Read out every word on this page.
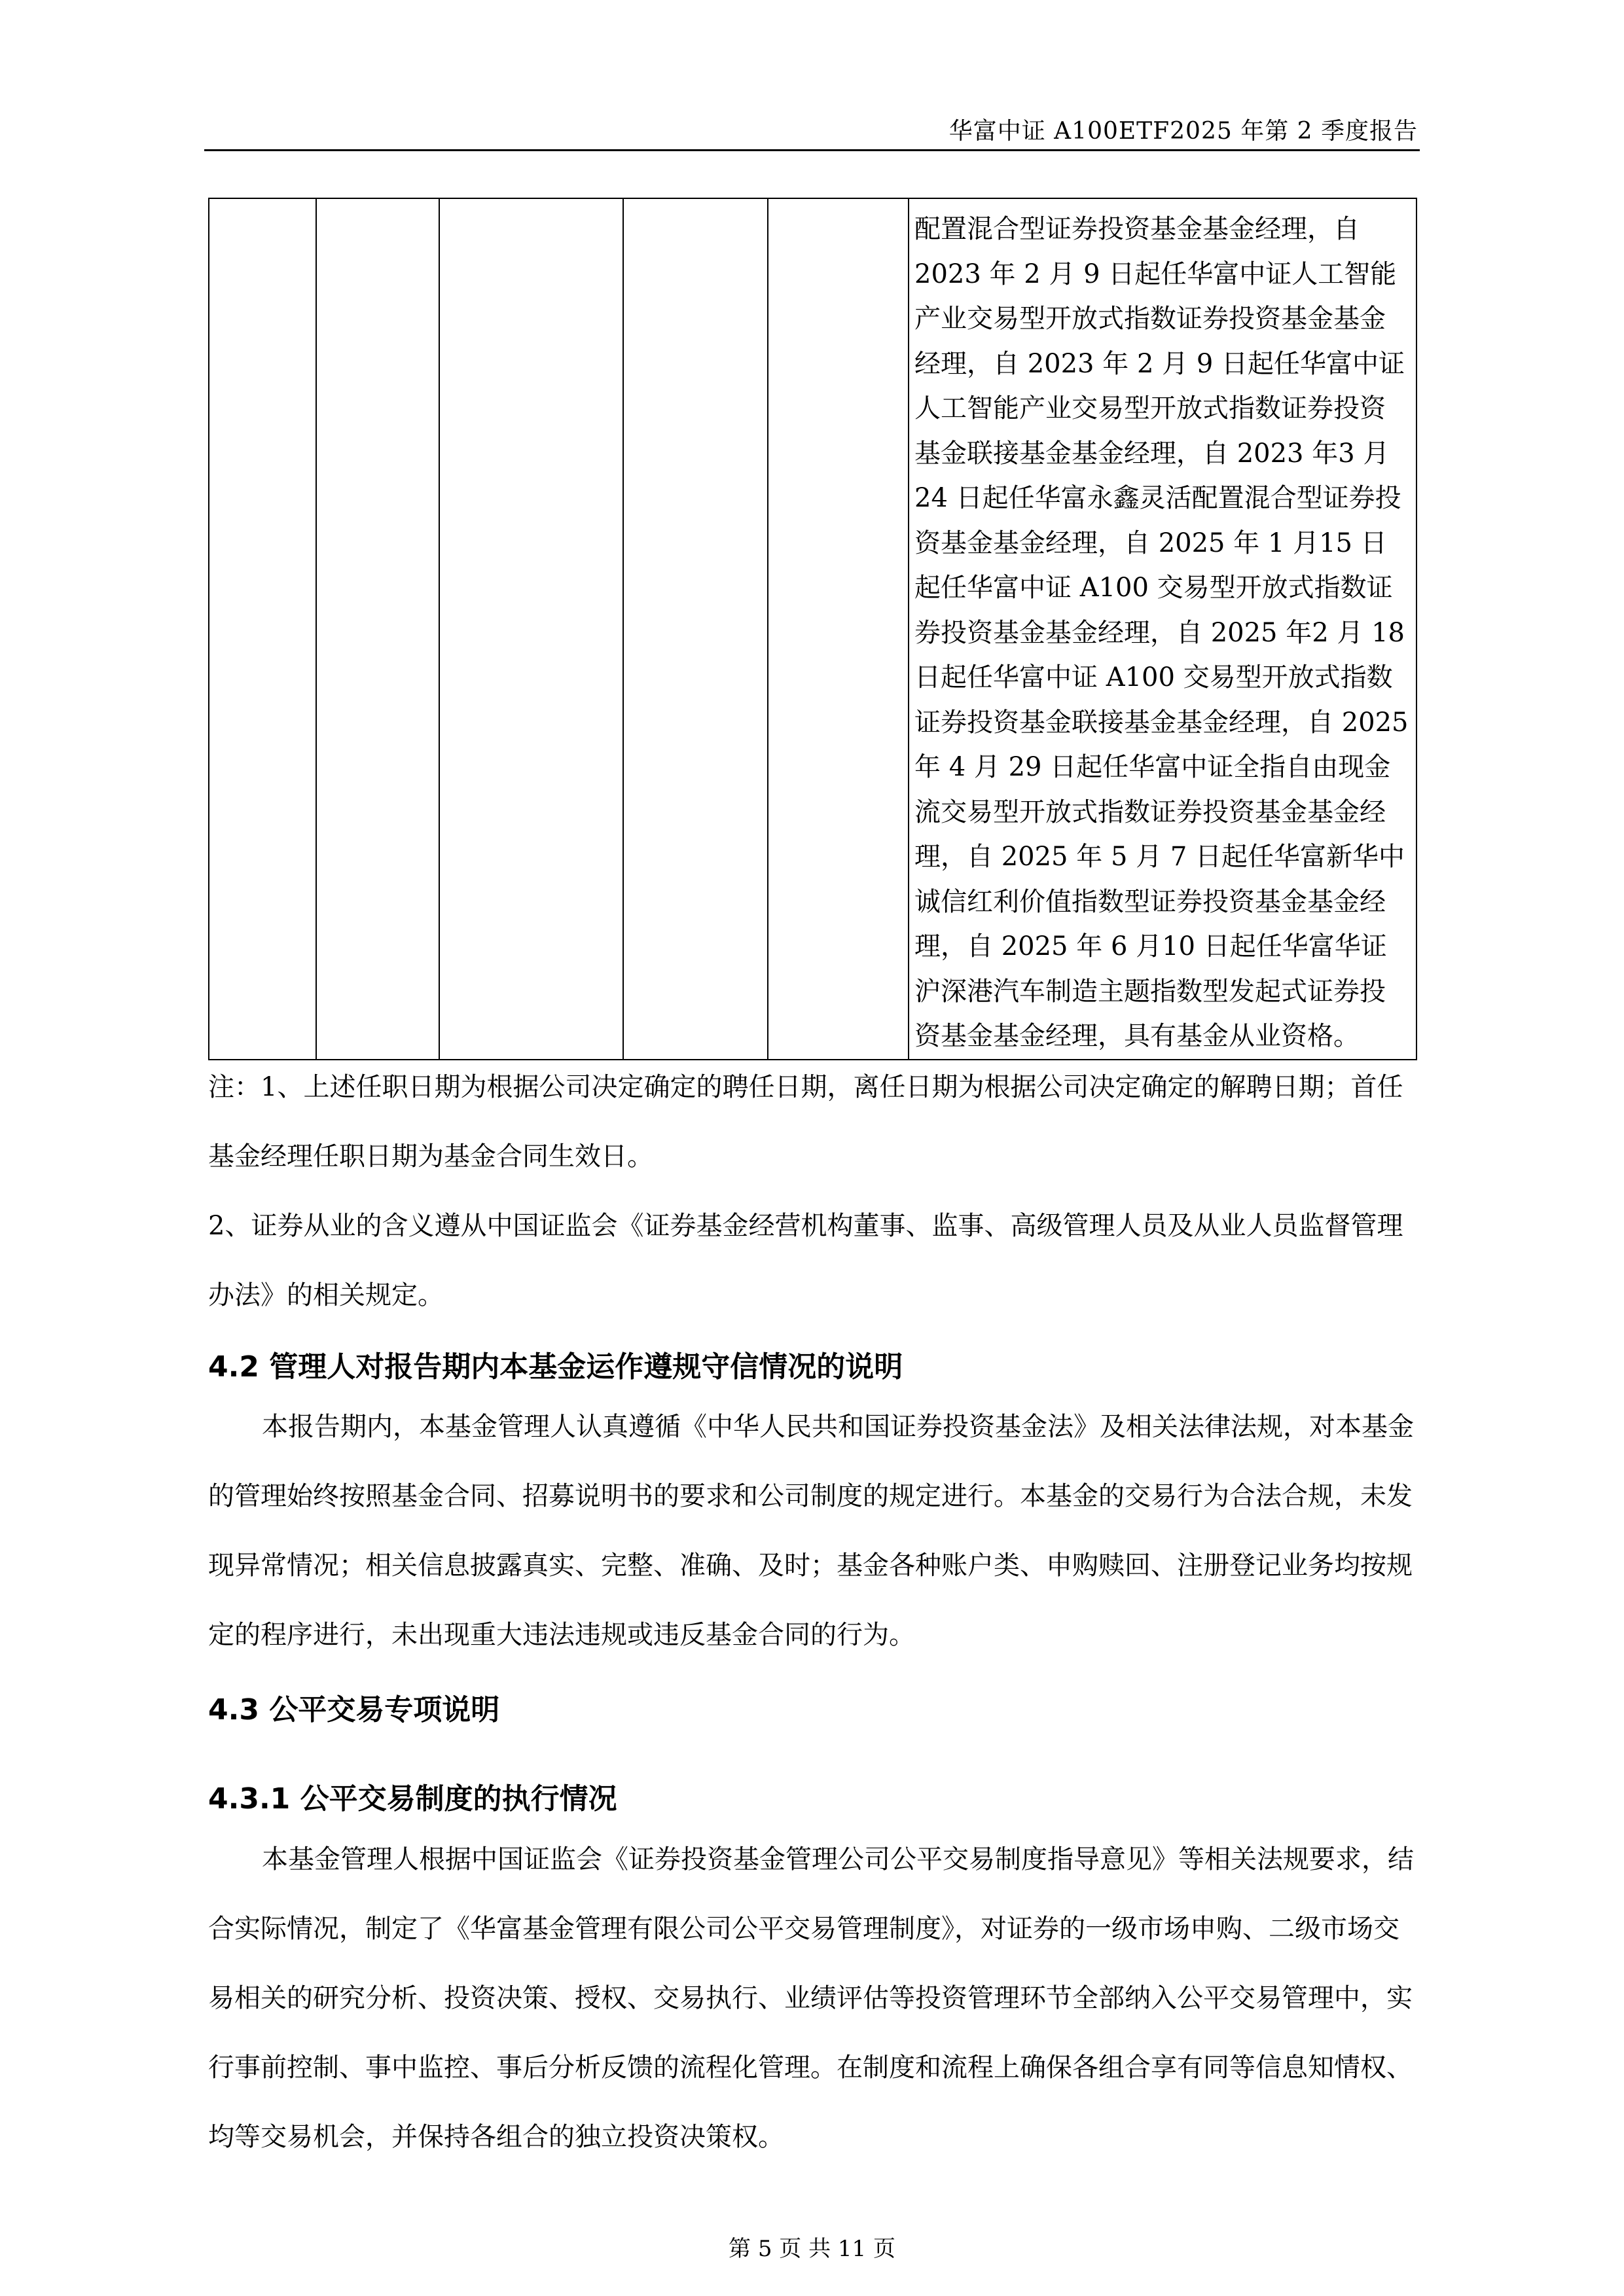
华富中证 A100ETF2025 年第 2 季度报告

配置混合型证券投资基金基金经理，自2023 年 2 月 9 日起任华富中证人工智能产业交易型开放式指数证券投资基金基金经理，自 2023 年 2 月 9 日起任华富中证人工智能产业交易型开放式指数证券投资基金联接基金基金经理，自 2023 年3 月 24 日起任华富永鑫灵活配置混合型证券投资基金基金经理，自 2025 年 1 月15 日起任华富中证 A100 交易型开放式指数证券投资基金基金经理，自 2025 年2 月 18 日起任华富中证 A100 交易型开放式指数证券投资基金联接基金基金经理，自 2025 年 4 月 29 日起任华富中证全指自由现金流交易型开放式指数证券投资基金基金经理，自 2025 年 5 月 7 日起任华富新华中诚信红利价值指数型证券投资基金基金经理，自 2025 年 6 月10 日起任华富华证沪深港汽车制造主题指数型发起式证券投资基金基金经理，具有基金从业资格。

注：1、上述任职日期为根据公司决定确定的聘任日期，离任日期为根据公司决定确定的解聘日期；首任基金经理任职日期为基金合同生效日。

2、证券从业的含义遵从中国证监会《证券基金经营机构董事、监事、高级管理人员及从业人员监督管理办法》的相关规定。

4.2 管理人对报告期内本基金运作遵规守信情况的说明

本报告期内，本基金管理人认真遵循《中华人民共和国证券投资基金法》及相关法律法规，对本基金的管理始终按照基金合同、招募说明书的要求和公司制度的规定进行。本基金的交易行为合法合规，未发现异常情况；相关信息披露真实、完整、准确、及时；基金各种账户类、申购赎回、注册登记业务均按规定的程序进行，未出现重大违法违规或违反基金合同的行为。

4.3 公平交易专项说明
4.3.1 公平交易制度的执行情况

本基金管理人根据中国证监会《证券投资基金管理公司公平交易制度指导意见》等相关法规要求，结合实际情况，制定了《华富基金管理有限公司公平交易管理制度》，对证券的一级市场申购、二级市场交易相关的研究分析、投资决策、授权、交易执行、业绩评估等投资管理环节全部纳入公平交易管理中，实行事前控制、事中监控、事后分析反馈的流程化管理。在制度和流程上确保各组合享有同等信息知情权、均等交易机会，并保持各组合的独立投资决策权。

第 5 页 共 11 页
